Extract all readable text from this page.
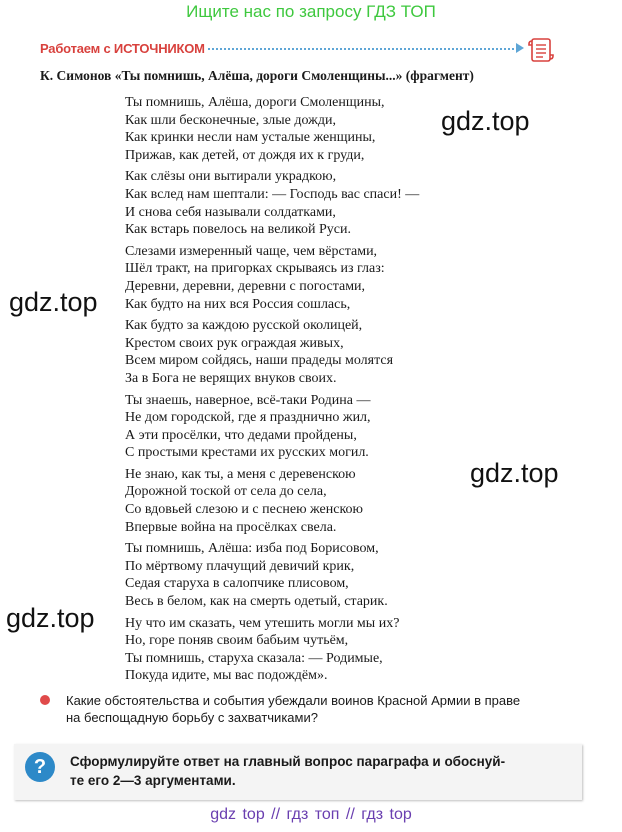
Ищите нас по запросу ГДЗ ТОП
Работаем с ИСТОЧНИКОМ
К. Симонов «Ты помнишь, Алёша, дороги Смоленщины...» (фрагмент)
Ты помнишь, Алёша, дороги Смоленщины,
Как шли бесконечные, злые дожди,
Как кринки несли нам усталые женщины,
Прижав, как детей, от дождя их к груди,
Как слёзы они вытирали украдкою,
Как вслед нам шептали: — Господь вас спаси! —
И снова себя называли солдатками,
Как встарь повелось на великой Руси.
Слезами измеренный чаще, чем вёрстами,
Шёл тракт, на пригорках скрываясь из глаз:
Деревни, деревни, деревни с погостами,
Как будто на них вся Россия сошлась,
Как будто за каждою русской околицей,
Крестом своих рук ограждая живых,
Всем миром сойдясь, наши прадеды молятся
За в Бога не верящих внуков своих.
Ты знаешь, наверное, всё-таки Родина —
Не дом городской, где я празднично жил,
А эти просёлки, что дедами пройдены,
С простыми крестами их русских могил.
Не знаю, как ты, а меня с деревенскою
Дорожной тоской от села до села,
Со вдовьей слезою и с песнею женскою
Впервые война на просёлках свела.
Ты помнишь, Алёша: изба под Борисовом,
По мёртвому плачущий девичий крик,
Седая старуха в салопчике плисовом,
Весь в белом, как на смерть одетый, старик.
Ну что им сказать, чем утешить могли мы их?
Но, горе поняв своим бабьим чутьём,
Ты помнишь, старуха сказала: — Родимые,
Покуда идите, мы вас подождём».
gdz.top
gdz.top
gdz.top
gdz.top
Какие обстоятельства и события убеждали воинов Красной Армии в праве
на беспощадную борьбу с захватчиками?
?	Сформулируйте ответ на главный вопрос параграфа и обоснуй-
те его 2—3 аргументами.
gdz top // гдз топ // гдз top
